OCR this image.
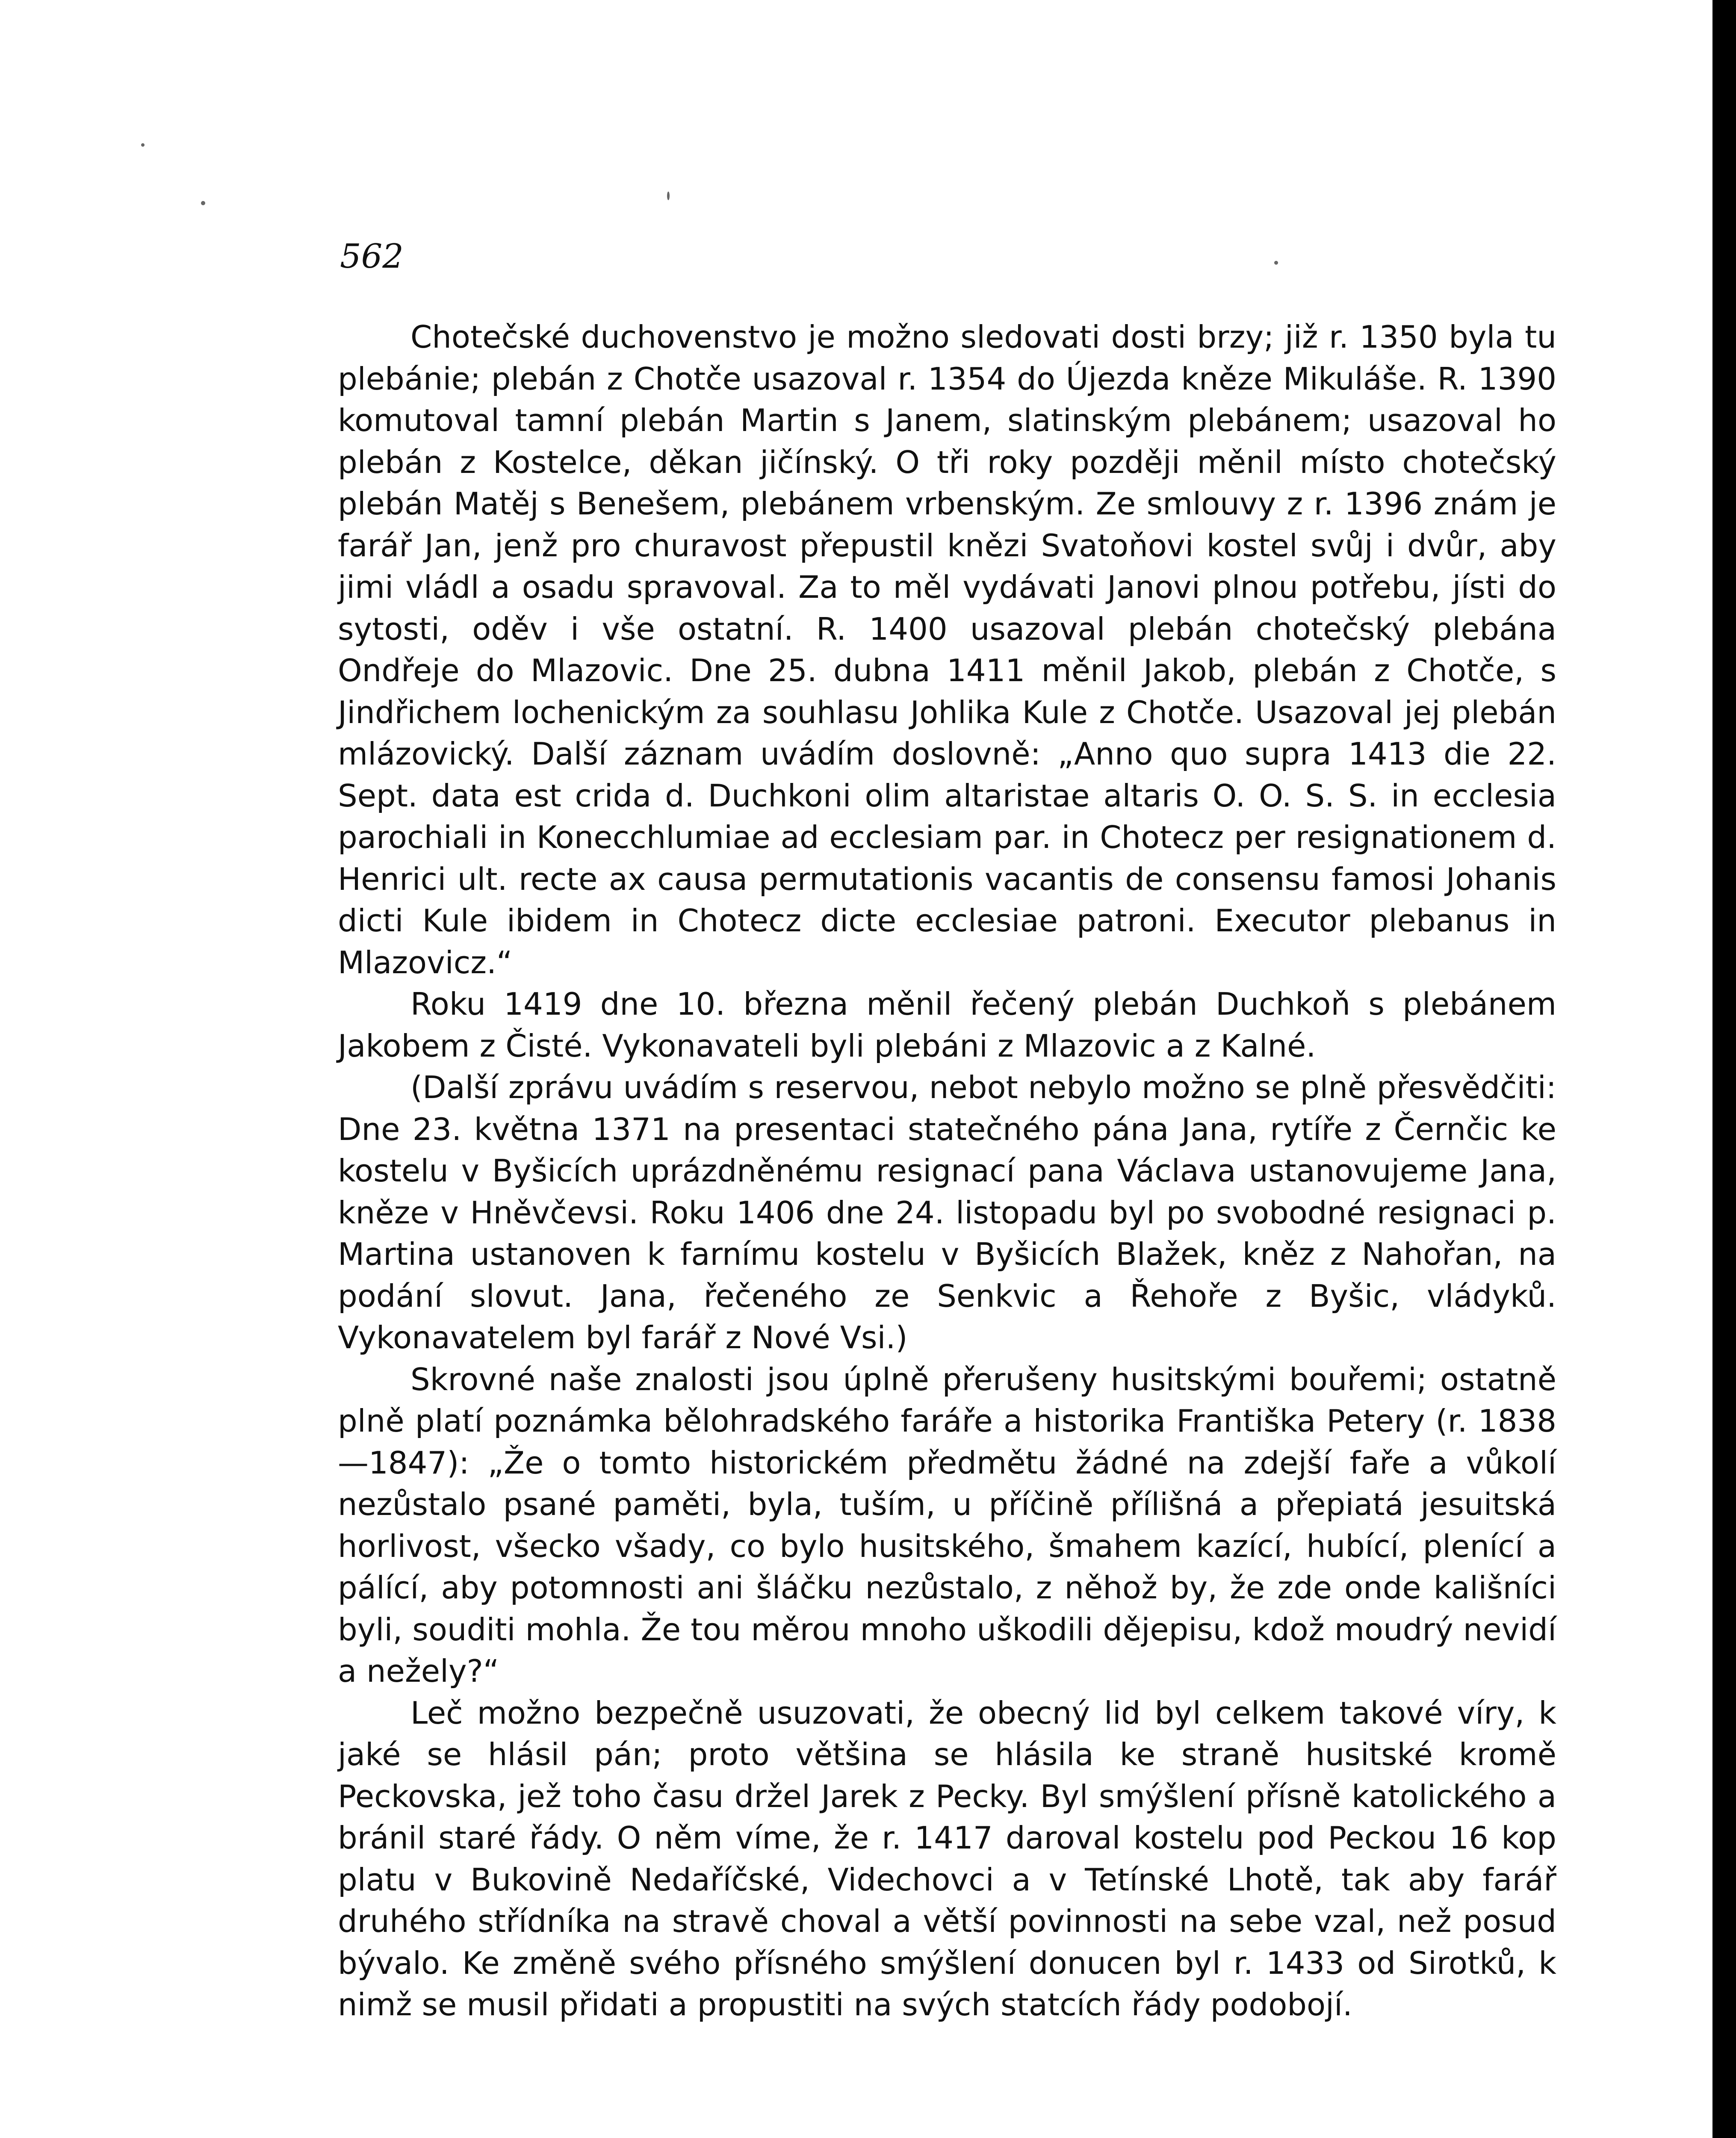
562

Chotečské duchovenstvo je možno sledovati dosti brzy; již r. 1350 byla tu plebánie; plebán z Chotče usazoval r. 1354 do Újezda kněze Mikuláše. R. 1390 komutoval tamní plebán Martin s Janem, slatinským plebánem; usazoval ho plebán z Kostelce, děkan jičínský. O tři roky později měnil místo chotečský plebán Matěj s Benešem, plebánem vrbenským. Ze smlouvy z r. 1396 znám je farář Jan, jenž pro churavost přepustil knězi Svatoňovi kostel svůj i dvůr, aby jimi vládl a osadu spravoval. Za to měl vydávati Janovi plnou potřebu, jísti do sytosti, oděv i vše ostatní. R. 1400 usazoval plebán chotečský plebána Ondřeje do Mlazovic. Dne 25. dubna 1411 měnil Jakob, plebán z Chotče, s Jindřichem lochenickým za souhlasu Johlika Kule z Chotče. Usazoval jej plebán mlázovický. Další záznam uvádím doslovně: „Anno quo supra 1413 die 22. Sept. data est crida d. Duchkoni olim altaristae altaris O. O. S. S. in ecclesia parochiali in Konecchlumiae ad ecclesiam par. in Chotecz per resignationem d. Henrici ult. recte ax causa permutationis vacantis de consensu famosi Johanis dicti Kule ibidem in Chotecz dicte ecclesiae patroni. Executor plebanus in Mlazovicz.“

Roku 1419 dne 10. března měnil řečený plebán Duchkoň s plebánem Jakobem z Čisté. Vykonavateli byli plebáni z Mlazovic a z Kalné.

(Další zprávu uvádím s reservou, nebot nebylo možno se plně přesvědčiti: Dne 23. května 1371 na presentaci statečného pána Jana, rytíře z Černčic ke kostelu v Byšicích uprázdněnému resignací pana Václava ustanovujeme Jana, kněze v Hněvčevsi. Roku 1406 dne 24. listopadu byl po svobodné resignaci p. Martina ustanoven k farnímu kostelu v Byšicích Blažek, kněz z Nahořan, na podání slovut. Jana, řečeného ze Senkvic a Řehoře z Byšic, vládyků. Vykonavatelem byl farář z Nové Vsi.)

Skrovné naše znalosti jsou úplně přerušeny husitskými bouřemi; ostatně plně platí poznámka bělohradského faráře a historika Františka Petery (r. 1838—1847): „Že o tomto historickém předmětu žádné na zdejší faře a vůkolí nezůstalo psané paměti, byla, tuším, u příčině přílišná a přepiatá jesuitská horlivost, všecko všady, co bylo husitského, šmahem kazící, hubící, plenící a pálící, aby potomnosti ani šláčku nezůstalo, z něhož by, že zde onde kališníci byli, souditi mohla. Že tou měrou mnoho uškodili dějepisu, kdož moudrý nevidí a nežely?“

Leč možno bezpečně usuzovati, že obecný lid byl celkem takové víry, k jaké se hlásil pán; proto většina se hlásila ke straně husitské kromě Peckovska, jež toho času držel Jarek z Pecky. Byl smýšlení přísně katolického a bránil staré řády. O něm víme, že r. 1417 daroval kostelu pod Peckou 16 kop platu v Bukovině Nedaříčské, Videchovci a v Tetínské Lhotě, tak aby farář druhého střídníka na stravě choval a větší povinnosti na sebe vzal, než posud bývalo. Ke změně svého přísného smýšlení donucen byl r. 1433 od Sirotků, k nimž se musil přidati a propustiti na svých statcích řády podobojí.
